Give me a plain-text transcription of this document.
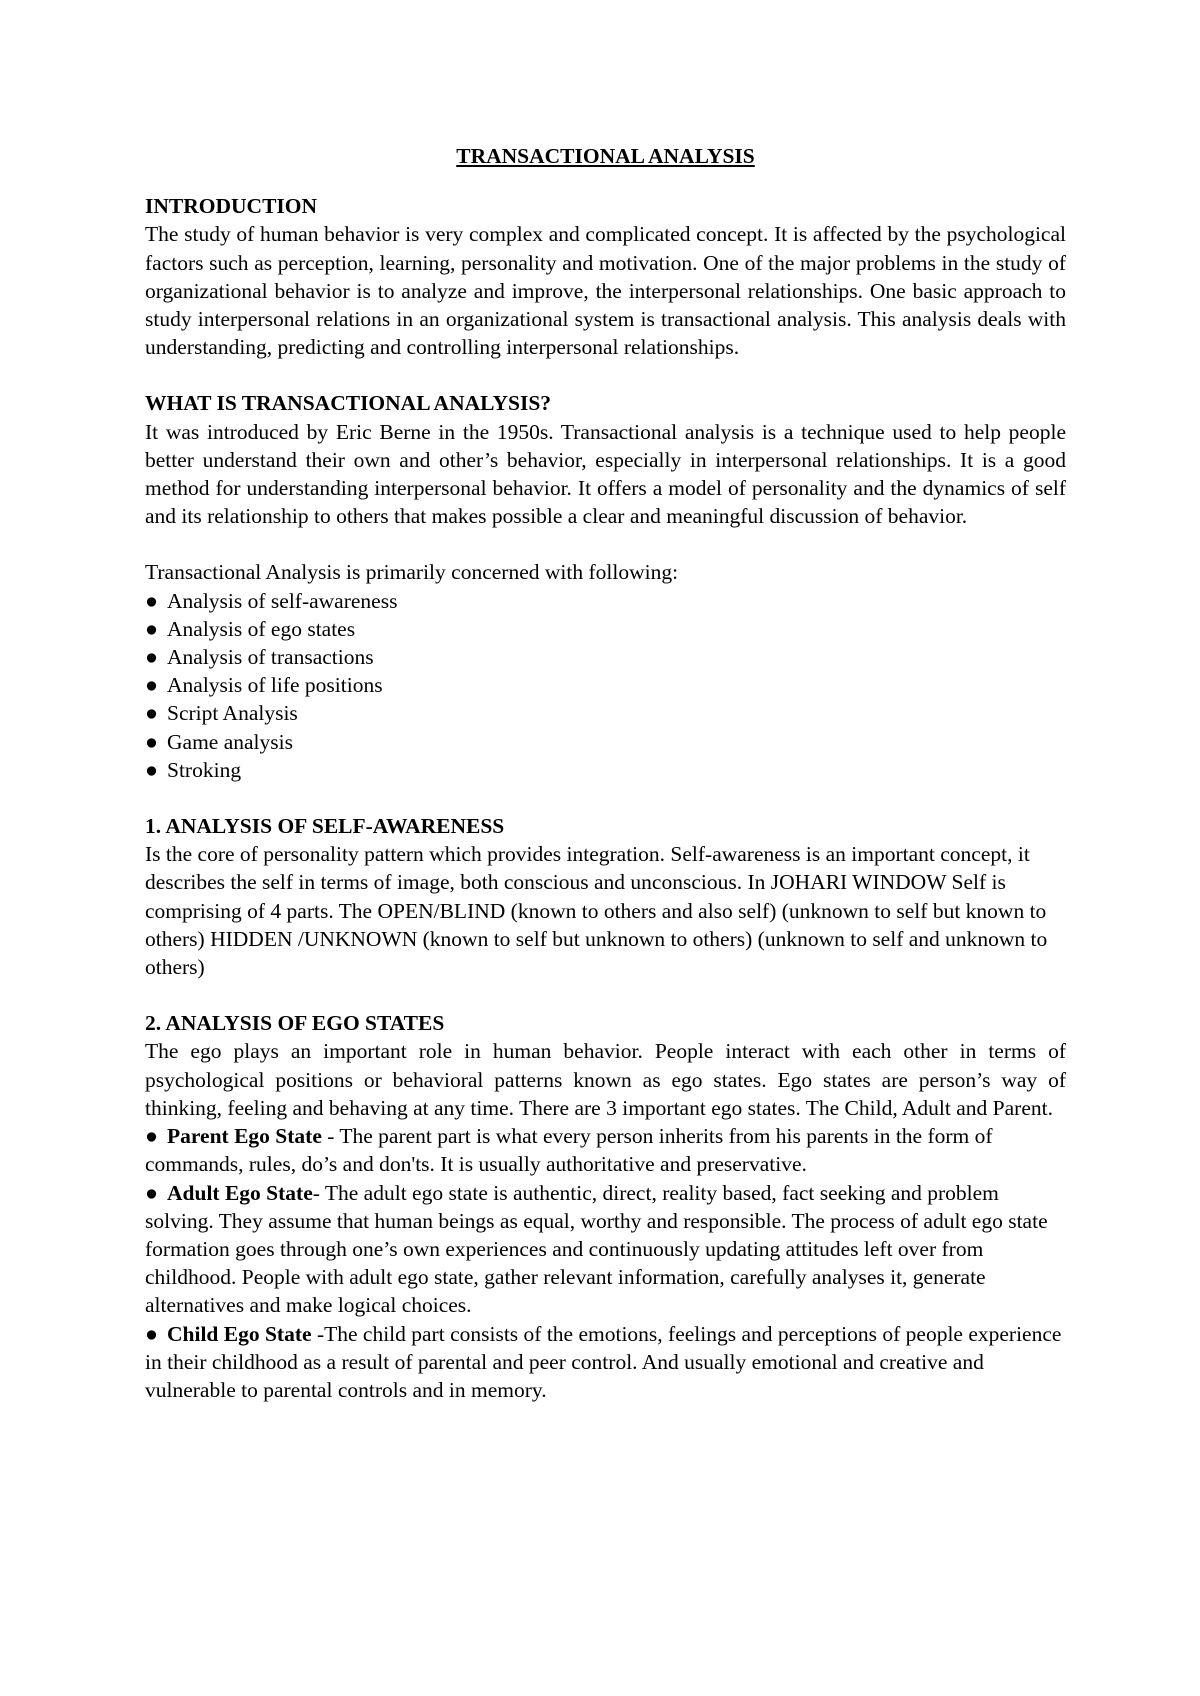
TRANSACTIONAL ANALYSIS
INTRODUCTION

The study of human behavior is very complex and complicated concept. It is affected by the psychological factors such as perception, learning, personality and motivation. One of the major problems in the study of organizational behavior is to analyze and improve, the interpersonal relationships. One basic approach to study interpersonal relations in an organizational system is transactional analysis. This analysis deals with understanding, predicting and controlling interpersonal relationships.

WHAT IS TRANSACTIONAL ANALYSIS?

It was introduced by Eric Berne in the 1950s. Transactional analysis is a technique used to help people better understand their own and other’s behavior, especially in interpersonal relationships. It is a good method for understanding interpersonal behavior. It offers a model of personality and the dynamics of self and its relationship to others that makes possible a clear and meaningful discussion of behavior.

Transactional Analysis is primarily concerned with following:

● Analysis of self-awareness
● Analysis of ego states
● Analysis of transactions
● Analysis of life positions
● Script Analysis
● Game analysis
● Stroking
1. ANALYSIS OF SELF-AWARENESS

Is the core of personality pattern which provides integration. Self-awareness is an important concept, it describes the self in terms of image, both conscious and unconscious. In JOHARI WINDOW Self is comprising of 4 parts. The OPEN/BLIND (known to others and also self) (unknown to self but known to others) HIDDEN /UNKNOWN (known to self but unknown to others) (unknown to self and unknown to others)

2. ANALYSIS OF EGO STATES

The ego plays an important role in human behavior. People interact with each other in terms of psychological positions or behavioral patterns known as ego states. Ego states are person’s way of thinking, feeling and behaving at any time. There are 3 important ego states. The Child, Adult and Parent.

● Parent Ego State - The parent part is what every person inherits from his parents in the form of commands, rules, do’s and don'ts. It is usually authoritative and preservative.

● Adult Ego State- The adult ego state is authentic, direct, reality based, fact seeking and problem solving. They assume that human beings as equal, worthy and responsible. The process of adult ego state formation goes through one’s own experiences and continuously updating attitudes left over from childhood. People with adult ego state, gather relevant information, carefully analyses it, generate alternatives and make logical choices.

● Child Ego State -The child part consists of the emotions, feelings and perceptions of people experience in their childhood as a result of parental and peer control. And usually emotional and creative and vulnerable to parental controls and in memory.
